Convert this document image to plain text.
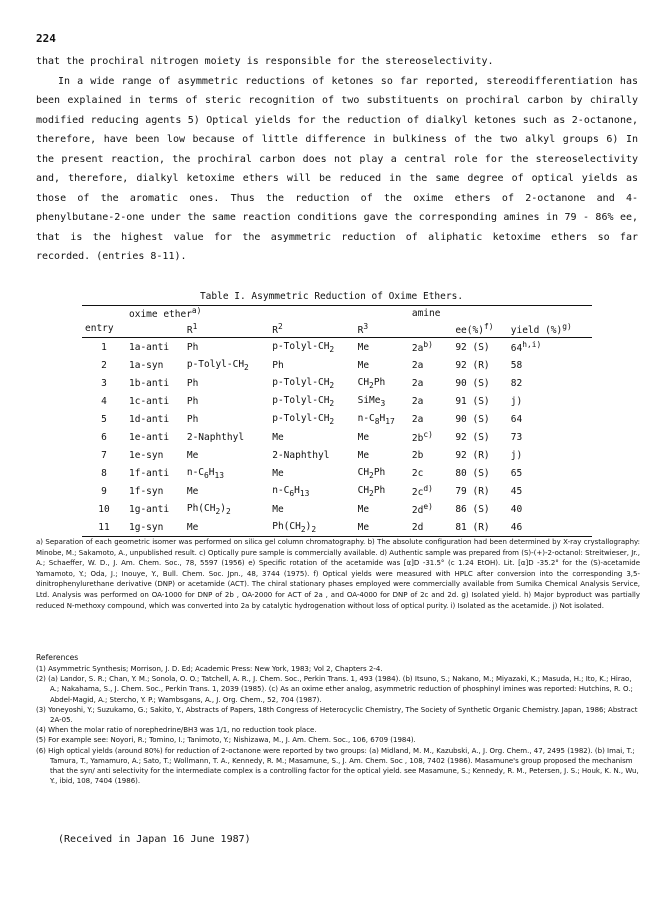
224

that the prochiral nitrogen moiety is responsible for the stereoselectivity.

In a wide range of asymmetric reductions of ketones so far reported, stereodifferentiation has been explained in terms of steric recognition of two substituents on prochiral carbon by chirally modified reducing agents 5) Optical yields for the reduction of dialkyl ketones such as 2-octanone, therefore, have been low because of little difference in bulkiness of the two alkyl groups 6) In the present reaction, the prochiral carbon does not play a central role for the stereoselectivity and, therefore, dialkyl ketoxime ethers will be reduced in the same degree of optical yields as those of the aromatic ones. Thus the reduction of the oxime ethers of 2-octanone and 4-phenylbutane-2-one under the same reaction conditions gave the corresponding amines in 79 - 86% ee, that is the highest value for the asymmetric reduction of aliphatic ketoxime ethers so far recorded. (entries 8-11).

Table I. Asymmetric Reduction of Oxime Ethers.
	oxime ether$^{a)}$				amine		
entry		$R^1$	$R^2$	$R^3$		ee(%)$^{f)}$	yield (%)$^{g)}$
1	1a-anti	Ph	$p-Tolyl-CH_2$	Me	$2a^{b)}$	92 (S)	64$^{h,i)}$
2	1a-syn	$p-Tolyl-CH_2$	Ph	Me	2a	92 (R)	58
3	1b-anti	Ph	$p-Tolyl-CH_2$	$CH_2Ph$	2a	90 (S)	82
4	1c-anti	Ph	$p-Tolyl-CH_2$	SiMe$_3$	2a	91 (S)	j)
5	1d-anti	Ph	$p-Tolyl-CH_2$	$n-C_8H_{17}$	2a	90 (S)	64
6	1e-anti	2-Naphthyl	Me	Me	$2b^{c)}$	92 (S)	73
7	1e-syn	Me	2-Naphthyl	Me	2b	92 (R)	j)
8	1f-anti	$n-C_6H_{13}$	Me	$CH_2Ph$	2c	80 (S)	65
9	1f-syn	Me	$n-C_6H_{13}$	$CH_2Ph$	$2c^{d)}$	79 (R)	45
10	1g-anti	$Ph(CH_2)_2$	Me	Me	$2d^{e)}$	86 (S)	40
11	1g-syn	Me	$Ph(CH_2)_2$	Me	2d	81 (R)	46
a) Separation of each geometric isomer was performed on silica gel column chromatography. b) The absolute configuration had been determined by X-ray crystallography: Minobe, M.; Sakamoto, A., unpublished result. c) Optically pure sample is commercially available. d) Authentic sample was prepared from (S)-(+)-2-octanol: Streitwieser, Jr., A.; Schaeffer, W. D., J. Am. Chem. Soc., 78, 5597 (1956) e) Specific rotation of the acetamide was [α]D -31.5° (c 1.24 EtOH). Lit. [α]D -35.2° for the (S)-acetamide Yamamoto, Y.; Oda, J.; Inouye, Y., Bull. Chem. Soc. Jpn., 48, 3744 (1975). f) Optical yields were measured with HPLC after conversion into the corresponding 3,5-dinitrophenylurethane derivative (DNP) or acetamide (ACT). The chiral stationary phases employed were commercially available from Sumika Chemical Analysis Service, Ltd. Analysis was performed on OA-1000 for DNP of 2b , OA-2000 for ACT of 2a , and OA-4000 for DNP of 2c and 2d. g) Isolated yield. h) Major byproduct was partially reduced N-methoxy compound, which was converted into 2a by catalytic hydrogenation without loss of optical purity. i) Isolated as the acetamide. j) Not isolated.
References
(1) Asymmetric Synthesis; Morrison, J. D. Ed; Academic Press: New York, 1983; Vol 2, Chapters 2-4.
(2) (a) Landor, S. R.; Chan, Y. M.; Sonola, O. O.; Tatchell, A. R., J. Chem. Soc., Perkin Trans. 1, 493 (1984). (b) Itsuno, S.; Nakano, M.; Miyazaki, K.; Masuda, H.; Ito, K.; Hirao, A.; Nakahama, S., J. Chem. Soc., Perkin Trans. 1, 2039 (1985). (c) As an oxime ether analog, asymmetric reduction of phosphinyl imines was reported: Hutchins, R. O.; Abdel-Magid, A.; Stercho, Y. P.; Wambsgans, A., J. Org. Chem., 52, 704 (1987).
(3) Yoneyoshi, Y.; Suzukamo, G.; Sakito, Y., Abstracts of Papers, 18th Congress of Heterocyclic Chemistry, The Society of Synthetic Organic Chemistry. Japan, 1986; Abstract 2A-05.
(4) When the molar ratio of norephedrine/BH3 was 1/1, no reduction took place.
(5) For example see: Noyori, R.; Tomino, I.; Tanimoto, Y.; Nishizawa, M., J. Am. Chem. Soc., 106, 6709 (1984).
(6) High optical yields (around 80%) for reduction of 2-octanone were reported by two groups: (a) Midland, M. M., Kazubski, A., J. Org. Chem., 47, 2495 (1982). (b) Imai, T.; Tamura, T., Yamamuro, A.; Sato, T.; Wollmann, T. A., Kennedy, R. M.; Masamune, S., J. Am. Chem. Soc , 108, 7402 (1986). Masamune's group proposed the mechanism that the syn/ anti selectivity for the intermediate complex is a controlling factor for the optical yield. see Masamune, S.; Kennedy, R. M., Petersen, J. S.; Houk, K. N., Wu, Y., ibid, 108, 7404 (1986).
(Received in Japan 16 June 1987)
